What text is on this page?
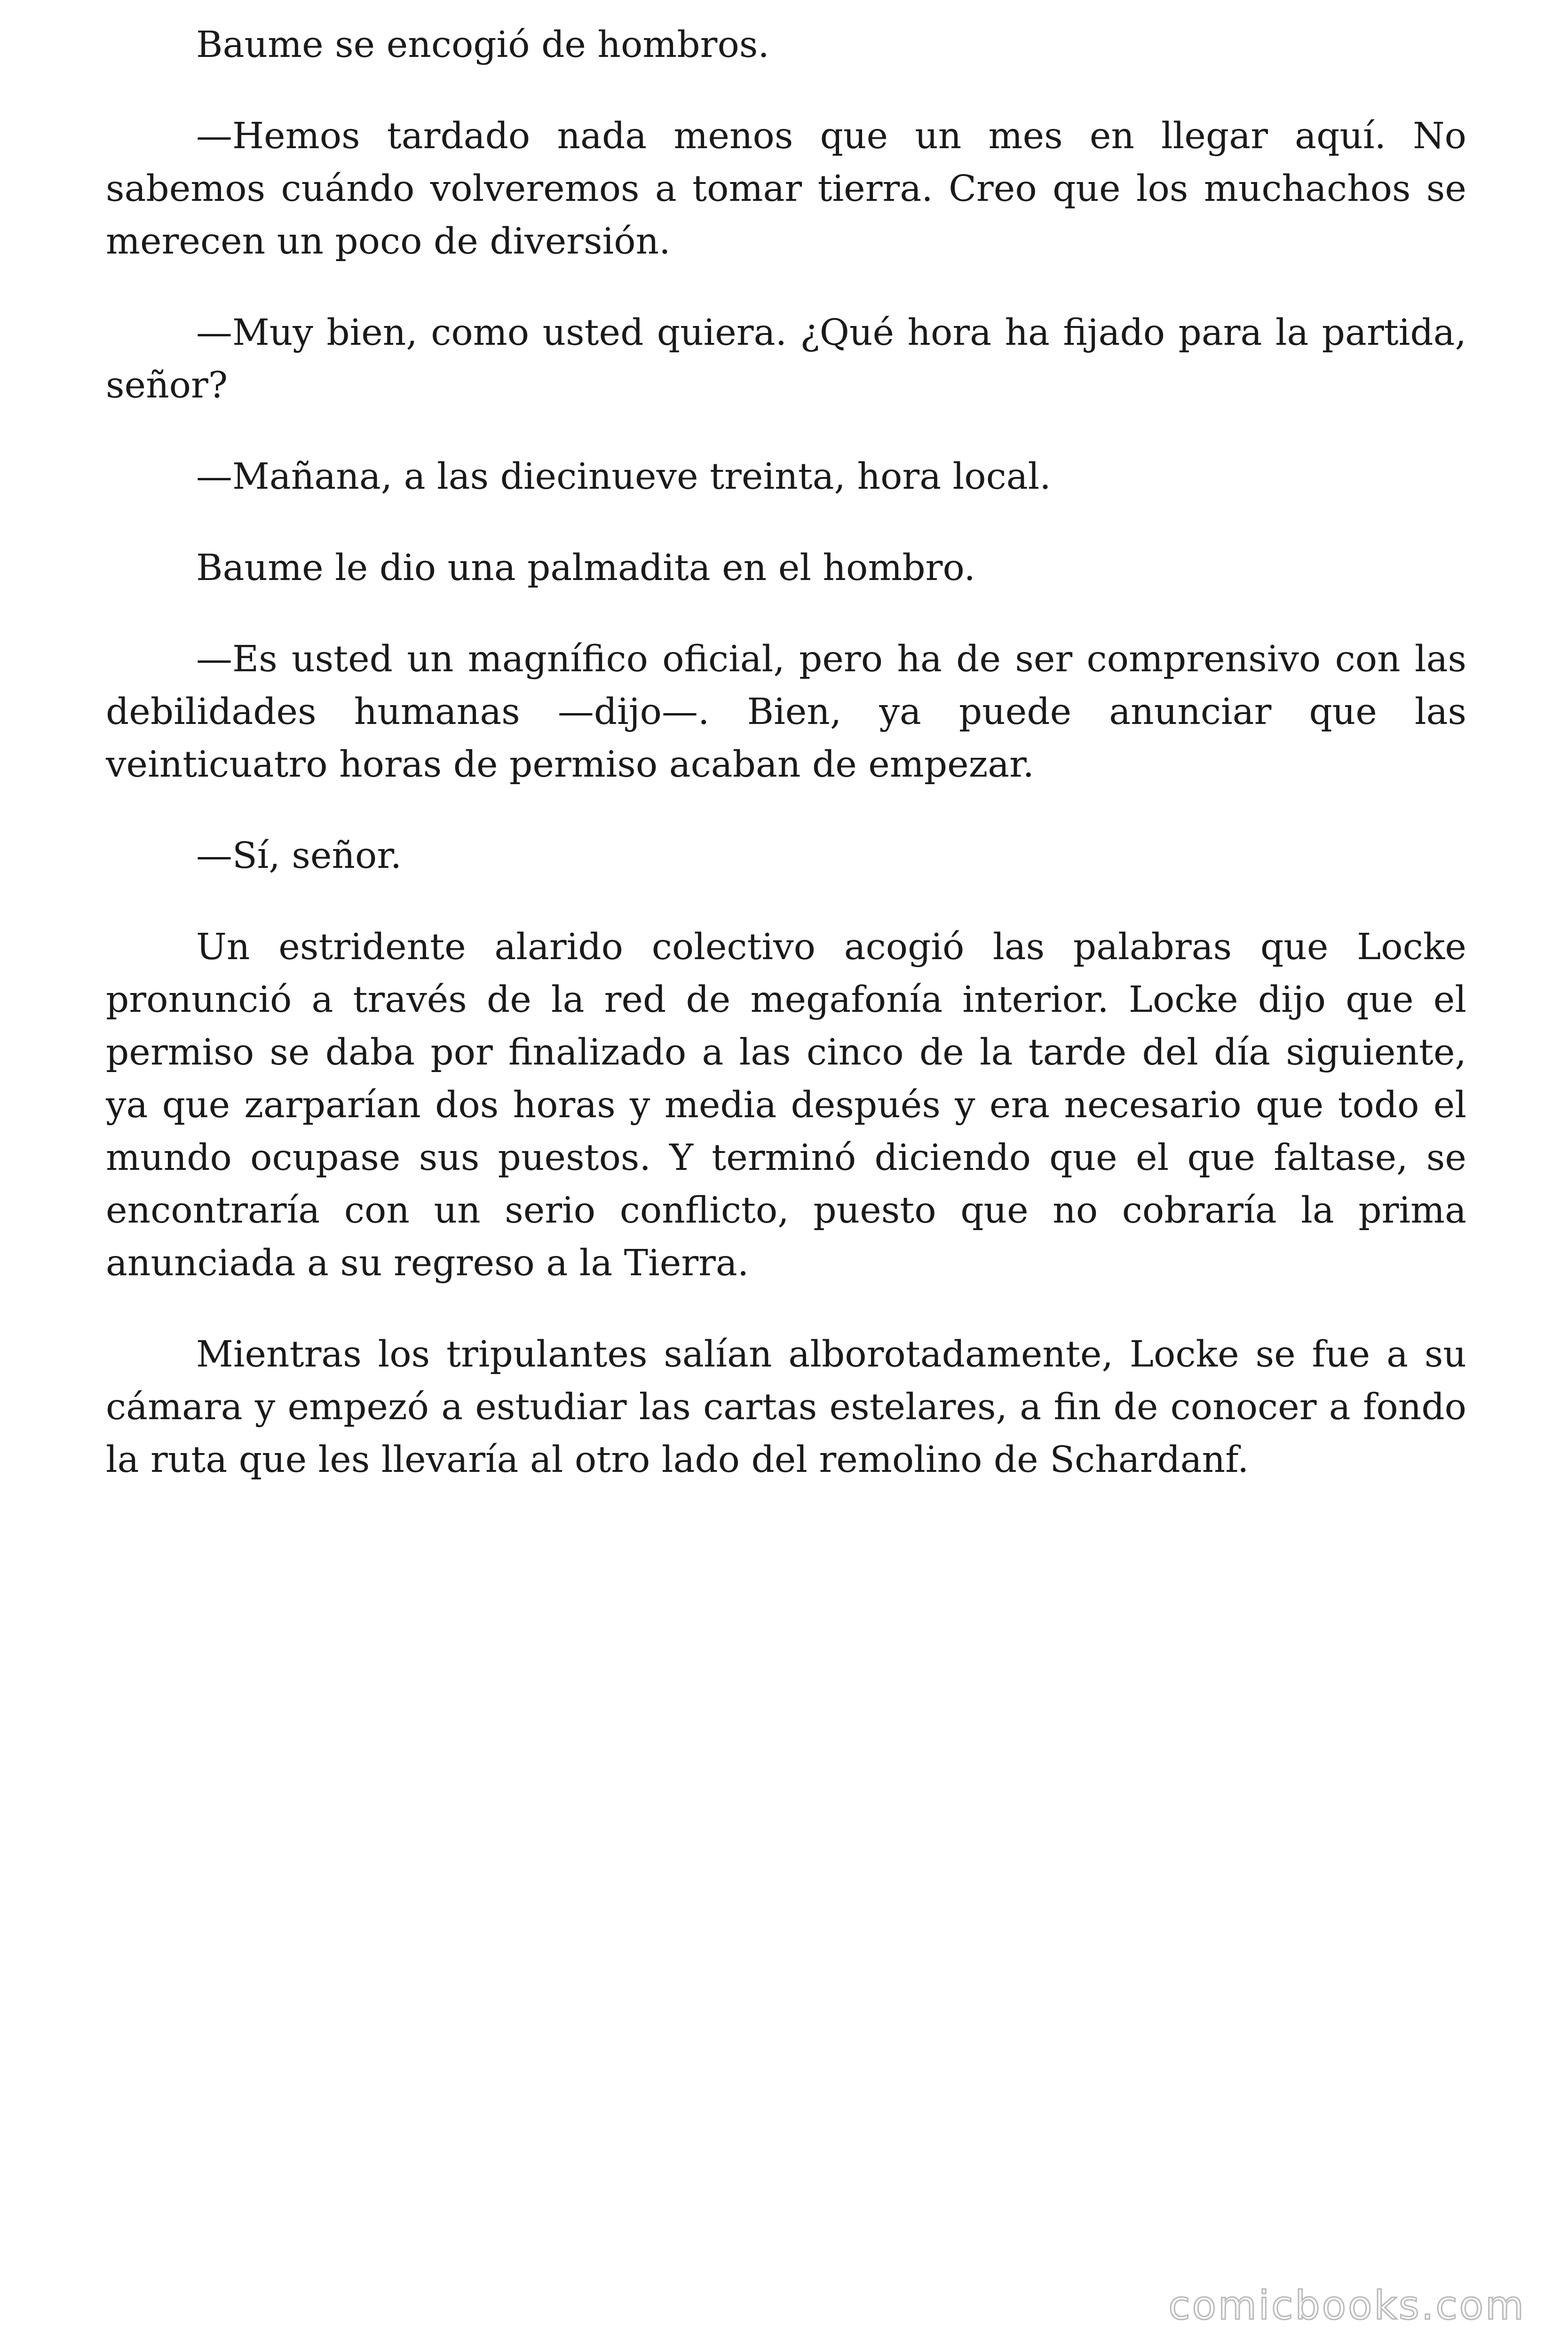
Baume se encogió de hombros.

—Hemos tardado nada menos que un mes en llegar aquí. No sabemos cuándo volveremos a tomar tierra. Creo que los muchachos se merecen un poco de diversión.

—Muy bien, como usted quiera. ¿Qué hora ha fijado para la partida, señor?

—Mañana, a las diecinueve treinta, hora local.

Baume le dio una palmadita en el hombro.

—Es usted un magnífico oficial, pero ha de ser comprensivo con las debilidades humanas —dijo—. Bien, ya puede anunciar que las veinticuatro horas de permiso acaban de empezar.

—Sí, señor.

Un estridente alarido colectivo acogió las palabras que Locke pronunció a través de la red de megafonía interior. Locke dijo que el permiso se daba por finalizado a las cinco de la tarde del día siguiente, ya que zarparían dos horas y media después y era necesario que todo el mundo ocupase sus puestos. Y terminó diciendo que el que faltase, se encontraría con un serio conflicto, puesto que no cobraría la prima anunciada a su regreso a la Tierra.

Mientras los tripulantes salían alborotadamente, Locke se fue a su cámara y empezó a estudiar las cartas estelares, a fin de conocer a fondo la ruta que les llevaría al otro lado del remolino de Schardanf.

comicbooks.com
